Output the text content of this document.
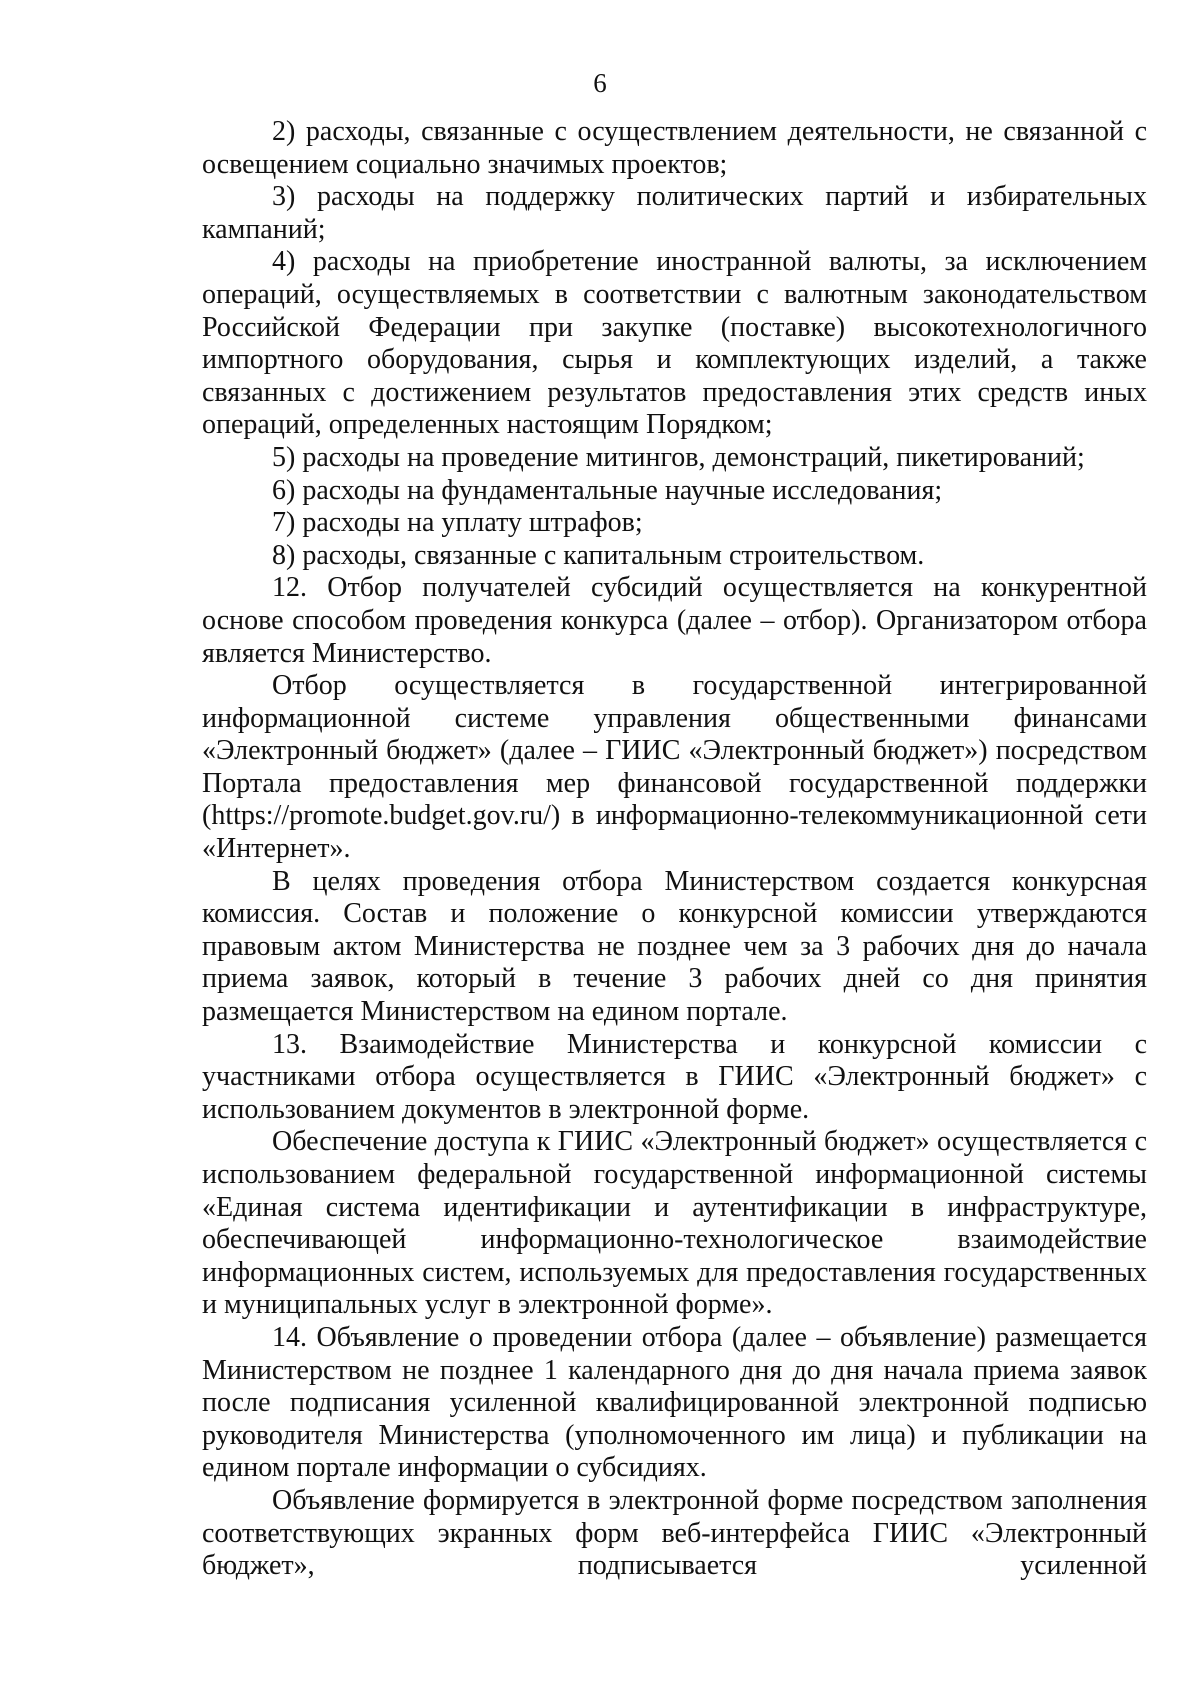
6

2) расходы, связанные с осуществлением деятельности, не связанной с освещением социально значимых проектов;

3) расходы на поддержку политических партий и избирательных кампаний;

4) расходы на приобретение иностранной валюты, за исключением операций, осуществляемых в соответствии с валютным законодательством Российской Федерации при закупке (поставке) высокотехнологичного импортного оборудования, сырья и комплектующих изделий, а также связанных с достижением результатов предоставления этих средств иных операций, определенных настоящим Порядком;

5) расходы на проведение митингов, демонстраций, пикетирований;

6) расходы на фундаментальные научные исследования;

7) расходы на уплату штрафов;

8) расходы, связанные с капитальным строительством.

12. Отбор получателей субсидий осуществляется на конкурентной основе способом проведения конкурса (далее – отбор). Организатором отбора является Министерство.

Отбор осуществляется в государственной интегрированной информационной системе управления общественными финансами «Электронный бюджет» (далее – ГИИС «Электронный бюджет») посредством Портала предоставления мер финансовой государственной поддержки (https://promote.budget.gov.ru/) в информационно-телекоммуникационной сети «Интернет».

В целях проведения отбора Министерством создается конкурсная комиссия. Состав и положение о конкурсной комиссии утверждаются правовым актом Министерства не позднее чем за 3 рабочих дня до начала приема заявок, который в течение 3 рабочих дней со дня принятия размещается Министерством на едином портале.

13. Взаимодействие Министерства и конкурсной комиссии с участниками отбора осуществляется в ГИИС «Электронный бюджет» с использованием документов в электронной форме.

Обеспечение доступа к ГИИС «Электронный бюджет» осуществляется с использованием федеральной государственной информационной системы «Единая система идентификации и аутентификации в инфраструктуре, обеспечивающей информационно-технологическое взаимодействие информационных систем, используемых для предоставления государственных и муниципальных услуг в электронной форме».

14. Объявление о проведении отбора (далее – объявление) размещается Министерством не позднее 1 календарного дня до дня начала приема заявок после подписания усиленной квалифицированной электронной подписью руководителя Министерства (уполномоченного им лица) и публикации на едином портале информации о субсидиях.

Объявление формируется в электронной форме посредством заполнения соответствующих экранных форм веб-интерфейса ГИИС «Электронный бюджет», подписывается усиленной
